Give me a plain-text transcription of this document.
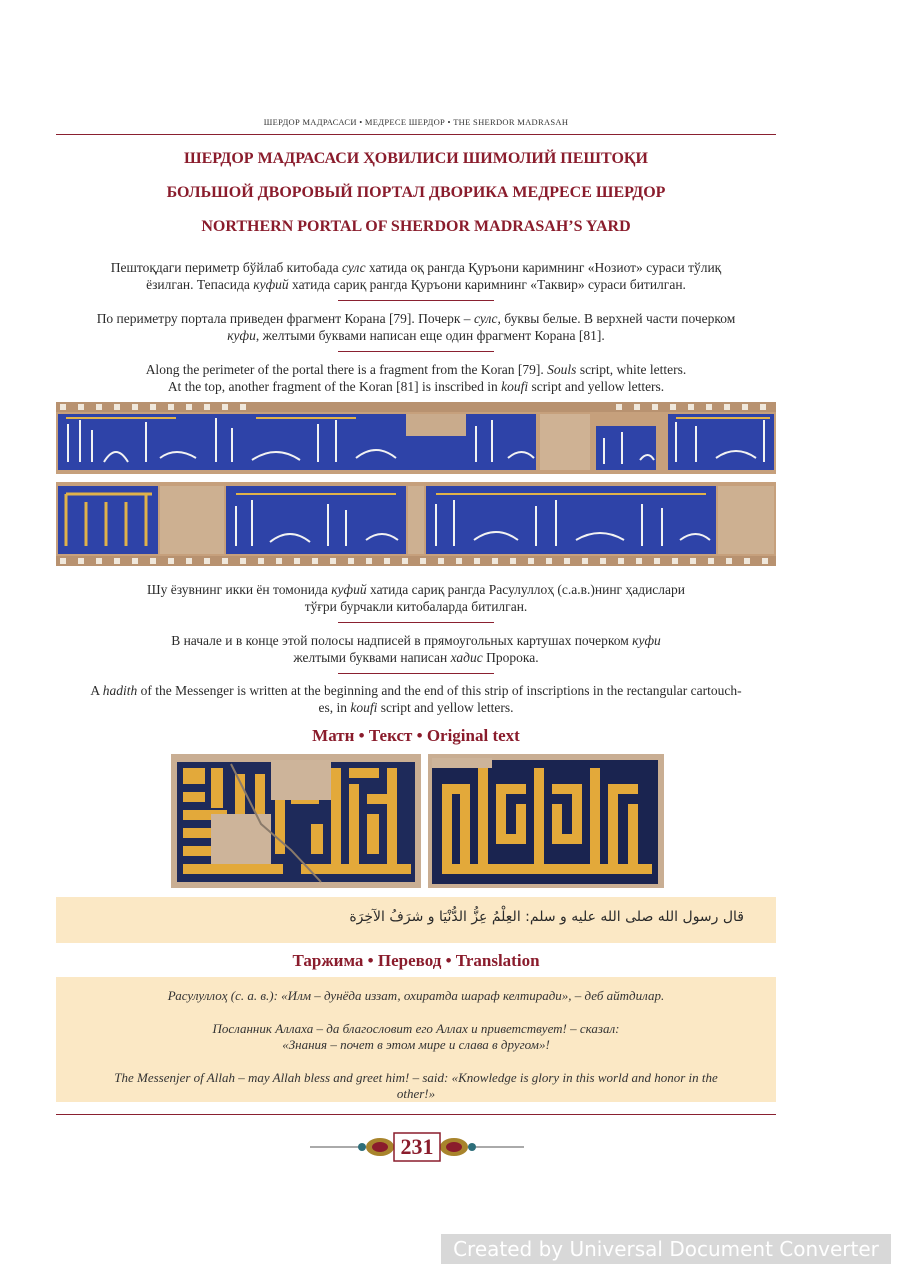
ШЕРДОР МАДРАСАСИ • МЕДРЕСЕ ШЕРДОР • THE SHERDOR MADRASAH
ШЕРДОР МАДРАСАСИ ҲОВИЛИСИ ШИМОЛИЙ ПЕШТОҚИ
БОЛЬШОЙ ДВОРОВЫЙ ПОРТАЛ ДВОРИКА МЕДРЕСЕ ШЕРДОР
NORTHERN PORTAL OF SHERDOR MADRASAH’S YARD
Пештоқдаги периметр бўйлаб китобада сулс хатида оқ рангда Қуръони каримнинг «Нозиот» сураси тўлиқ
ёзилган. Тепасида куфий хатида сариқ рангда Қуръони каримнинг «Таквир» сураси битилган.
По периметру портала приведен фрагмент Корана [79]. Почерк – сулс, буквы белые. В верхней части почерком
куфи, желтыми буквами написан еще один фрагмент Корана [81].
Along the perimeter of the portal there is a fragment from the Koran [79]. Souls script, white letters.
At the top, another fragment of the Koran [81] is inscribed in koufi script and yellow letters.
Шу ёзувнинг икки ён томонида куфий хатида сариқ рангда Расулуллоҳ (с.а.в.)нинг ҳадислари
тўғри бурчакли китобаларда битилган.
В начале и в конце этой полосы надписей в прямоугольных картушах почерком куфи
желтыми буквами написан хадис Пророка.
A hadith of the Messenger is written at the beginning and the end of this strip of inscriptions in the rectangular cartouch-
es, in koufi script and yellow letters.
Матн • Текст • Original text
قال رسول الله صلى الله عليه و سلم: العِلْمُ عِزُّ الدُّنْيَا و شرَفُ الآخِرَة
Таржима • Перевод • Translation

Расулуллоҳ (с. а. в.): «Илм – дунёда иззат, охиратда шараф келтиради», – деб айтдилар.

Посланник Аллаха – да благословит его Аллах и приветствует! – сказал:

«Знания – почет в этом мире и слава в другом»!

The Messenjer of Allah – may Allah bless and greet him! – said: «Knowledge is glory in this world and honor in the

other!»

231
Created by Universal Document Converter
